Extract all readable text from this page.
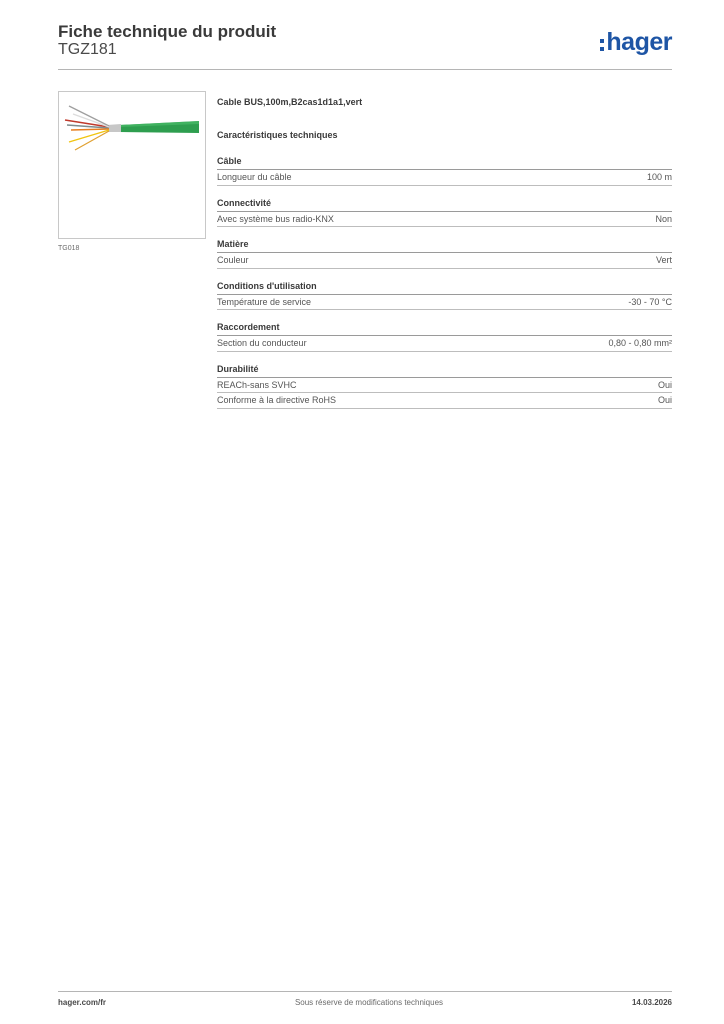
Fiche technique du produit
TGZ181	hager
TG018
Cable BUS,100m,B2cas1d1a1,vert
Caractéristiques techniques
Câble
Longueur du câble	100 m
Connectivité
Avec système bus radio-KNX	Non
Matière
Couleur	Vert
Conditions d'utilisation
Température de service	-30 - 70 °C
Raccordement
Section du conducteur	0,80 - 0,80 mm²
Durabilité
REACh-sans SVHC	Oui
Conforme à la directive RoHS	Oui
hager.com/fr	Sous réserve de modifications techniques	14.03.2026
